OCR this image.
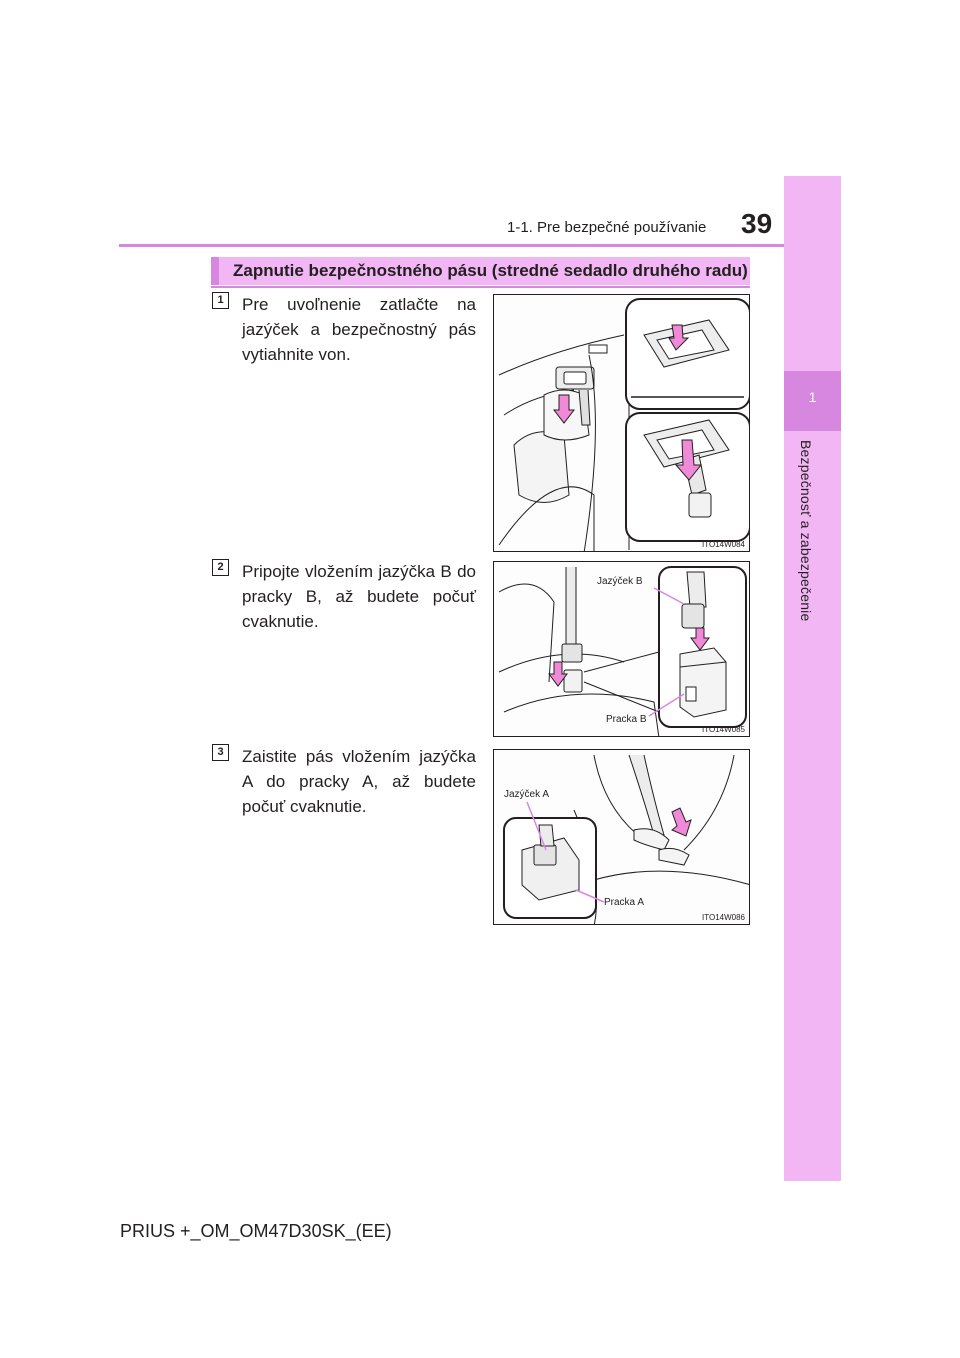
1
Bezpečnosť a zabezpečenie
1-1. Pre bezpečné používanie 39
Zapnutie bezpečnostného pásu (stredné sedadlo druhého radu)
1	Pre uvoľnenie zatlačte na jazýček a bezpečnostný pás vytiahnite von.
ITO14W084
2	Pripojte vložením jazýčka B do pracky B, až budete počuť cvaknutie.
Jazýček B
Pracka B
ITO14W085
3	Zaistite pás vložením jazýčka A do pracky A, až budete počuť cvaknutie.
Jazýček A
Pracka A
ITO14W086
PRIUS +_OM_OM47D30SK_(EE)
